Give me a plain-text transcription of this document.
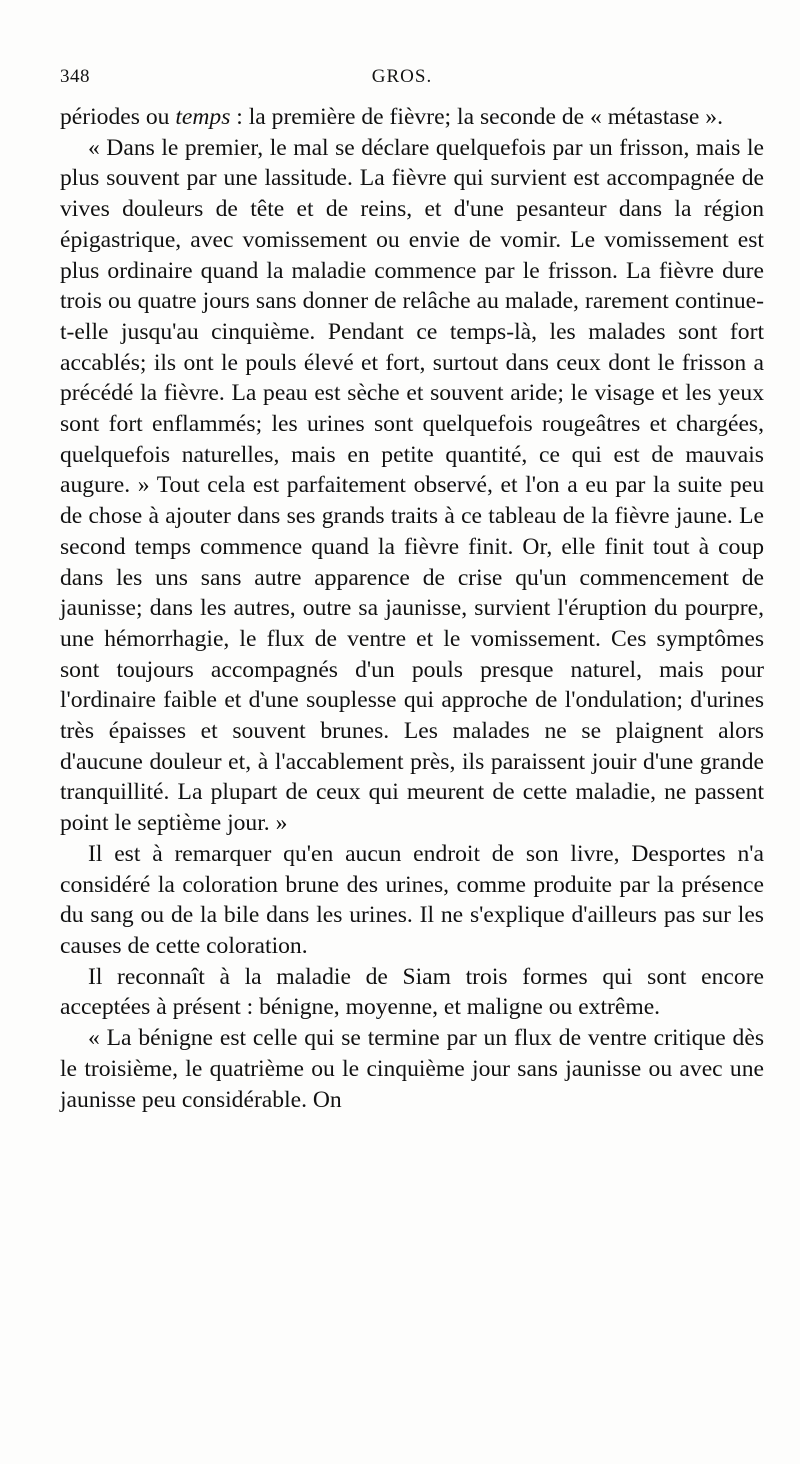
348	GROS.

périodes ou temps : la première de fièvre; la seconde de « métastase ».

« Dans le premier, le mal se déclare quelquefois par un frisson, mais le plus souvent par une lassitude. La fièvre qui survient est accompagnée de vives douleurs de tête et de reins, et d'une pesanteur dans la région épigastrique, avec vomissement ou envie de vomir. Le vomissement est plus ordinaire quand la maladie commence par le frisson. La fièvre dure trois ou quatre jours sans donner de relâche au malade, rarement continue-t-elle jusqu'au cinquième. Pendant ce temps-là, les malades sont fort accablés; ils ont le pouls élevé et fort, surtout dans ceux dont le frisson a précédé la fièvre. La peau est sèche et souvent aride; le visage et les yeux sont fort enflammés; les urines sont quelquefois rougeâtres et chargées, quelquefois naturelles, mais en petite quantité, ce qui est de mauvais augure. » Tout cela est parfaitement observé, et l'on a eu par la suite peu de chose à ajouter dans ses grands traits à ce tableau de la fièvre jaune. Le second temps commence quand la fièvre finit. Or, elle finit tout à coup dans les uns sans autre apparence de crise qu'un commencement de jaunisse; dans les autres, outre sa jaunisse, survient l'éruption du pourpre, une hémorrhagie, le flux de ventre et le vomissement. Ces symptômes sont toujours accompagnés d'un pouls presque naturel, mais pour l'ordinaire faible et d'une souplesse qui approche de l'ondulation; d'urines très épaisses et souvent brunes. Les malades ne se plaignent alors d'aucune douleur et, à l'accablement près, ils paraissent jouir d'une grande tranquillité. La plupart de ceux qui meurent de cette maladie, ne passent point le septième jour. »

Il est à remarquer qu'en aucun endroit de son livre, Desportes n'a considéré la coloration brune des urines, comme produite par la présence du sang ou de la bile dans les urines. Il ne s'explique d'ailleurs pas sur les causes de cette coloration.

Il reconnaît à la maladie de Siam trois formes qui sont encore acceptées à présent : bénigne, moyenne, et maligne ou extrême.

« La bénigne est celle qui se termine par un flux de ventre critique dès le troisième, le quatrième ou le cinquième jour sans jaunisse ou avec une jaunisse peu considérable. On
